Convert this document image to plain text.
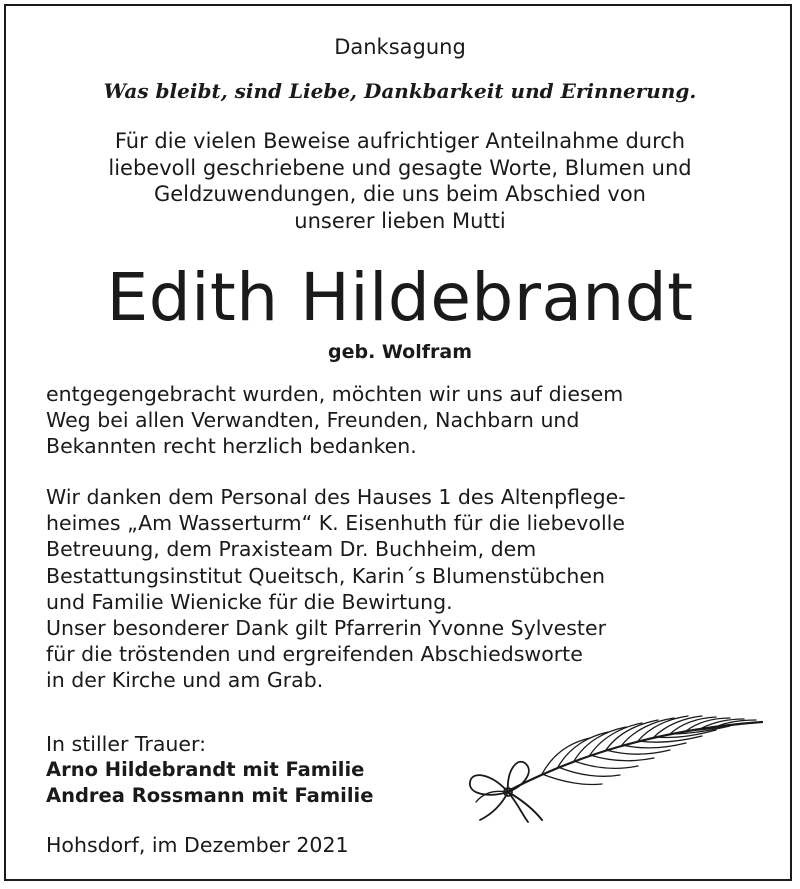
Danksagung
Was bleibt, sind Liebe, Dankbarkeit und Erinnerung.
Für die vielen Beweise aufrichtiger Anteilnahme durch
liebevoll geschriebene und gesagte Worte, Blumen und
Geldzuwendungen, die uns beim Abschied von
unserer lieben Mutti
Edith Hildebrandt
geb. Wolfram
entgegengebracht wurden, möchten wir uns auf diesem
Weg bei allen Verwandten, Freunden, Nachbarn und
Bekannten recht herzlich bedanken.
Wir danken dem Personal des Hauses 1 des Altenpflege-
heimes „Am Wasserturm“ K. Eisenhuth für die liebevolle
Betreuung, dem Praxisteam Dr. Buchheim, dem
Bestattungsinstitut Queitsch, Karin´s Blumenstübchen
und Familie Wienicke für die Bewirtung.
Unser besonderer Dank gilt Pfarrerin Yvonne Sylvester
für die tröstenden und ergreifenden Abschiedsworte
in der Kirche und am Grab.
In stiller Trauer:
Arno Hildebrandt mit Familie
Andrea Rossmann mit Familie
Hohsdorf, im Dezember 2021
